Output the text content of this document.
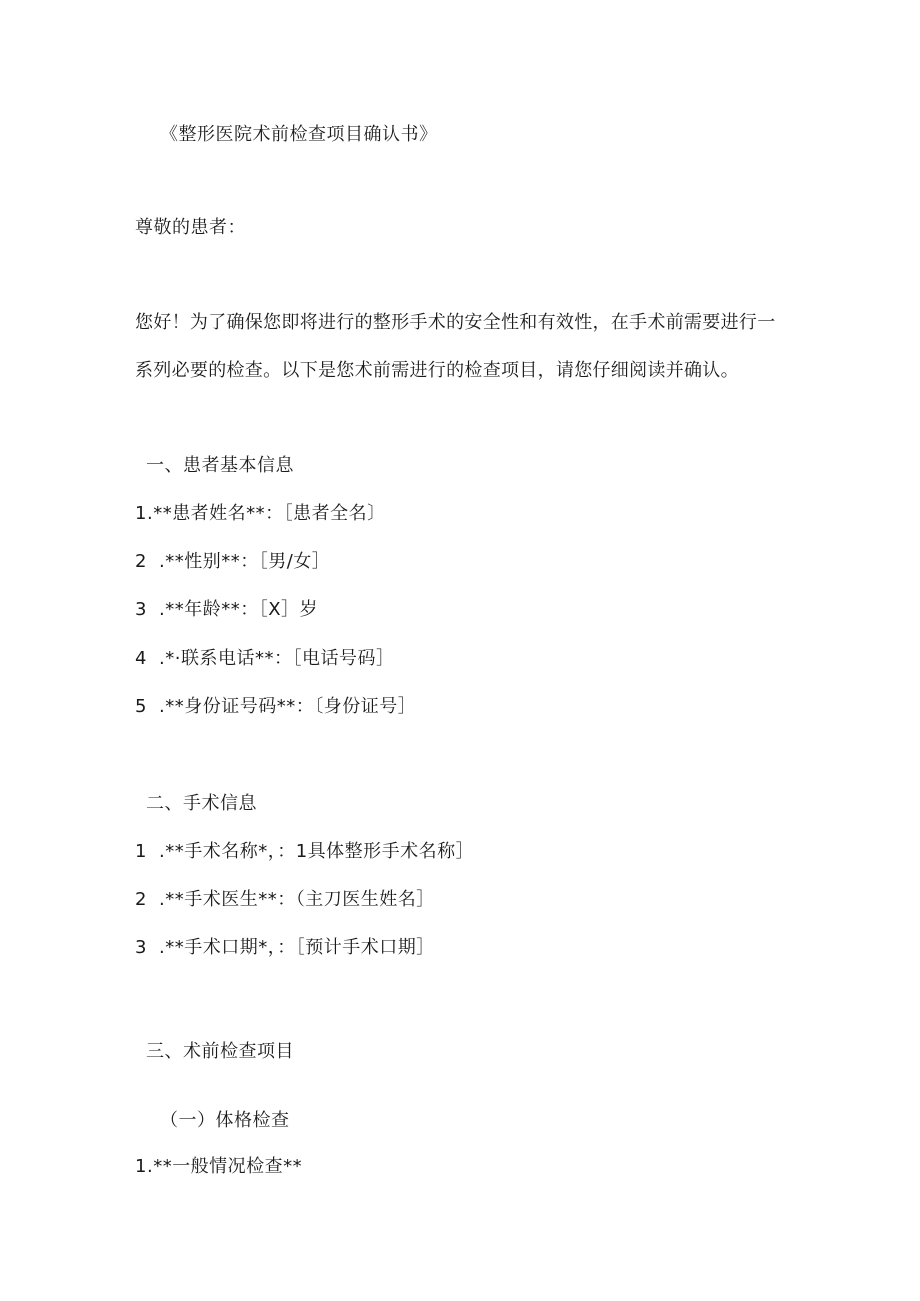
《整形医院术前检查项目确认书》
尊敬的患者：
您好！为了确保您即将进行的整形手术的安全性和有效性，在手术前需要进行一
系列必要的检查。以下是您术前需进行的检查项目，请您仔细阅读并确认。
一、患者基本信息
1.**患者姓名**：［患者全名〕
2 .**性别**：［男/女］
3 .**年龄**：［X］岁
4 .*·联系电话**：［电话号码］
5 .**身份证号码**：〔身份证号］
二、手术信息
1 .**手术名称*，：1具体整形手术名称］
2 .**手术医生**：（主刀医生姓名］
3 .**手术口期*，：［预计手术口期］
三、术前检查项目
（一）体格检查
1.**一般情况检查**
